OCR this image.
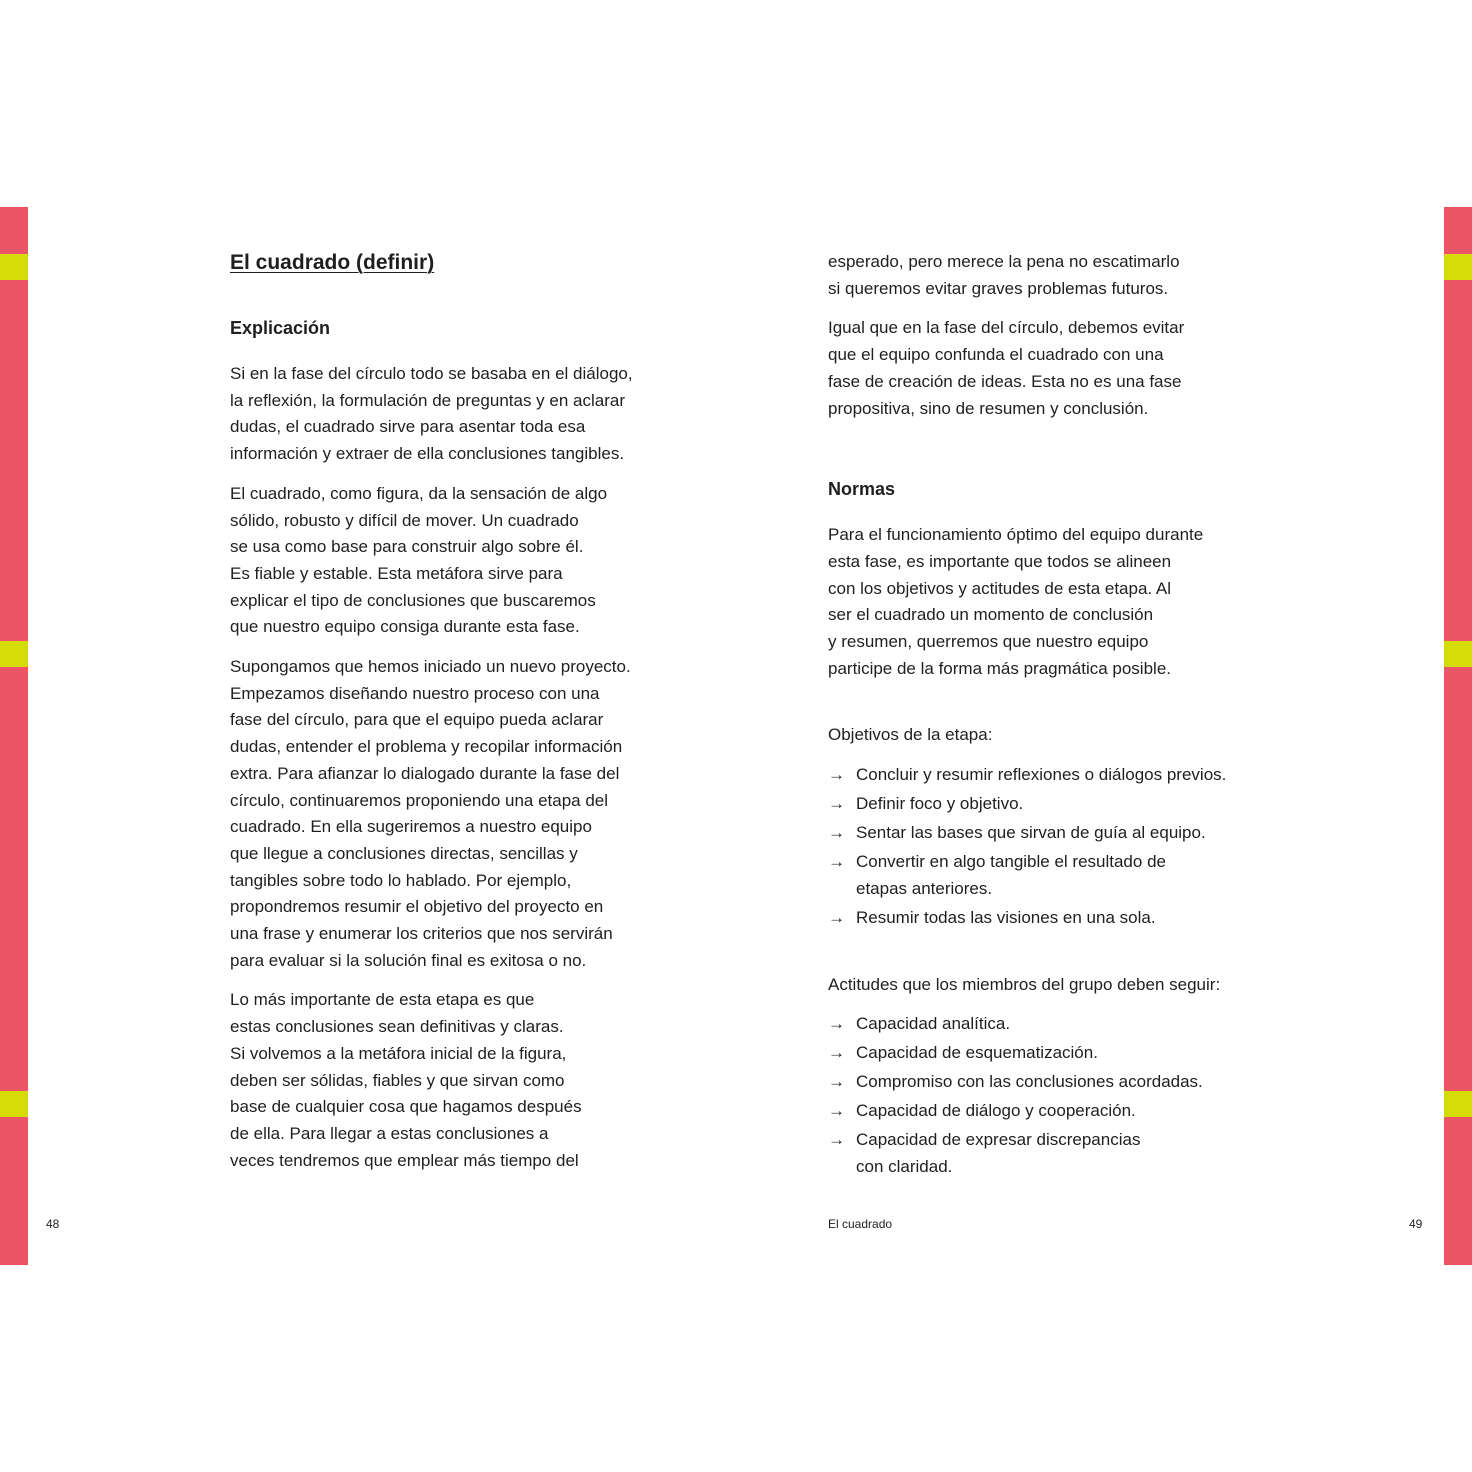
El cuadrado (definir)
Explicación

Si en la fase del círculo todo se basaba en el diálogo,
la reflexión, la formulación de preguntas y en aclarar
dudas, el cuadrado sirve para asentar toda esa
información y extraer de ella conclusiones tangibles.

El cuadrado, como figura, da la sensación de algo
sólido, robusto y difícil de mover. Un cuadrado
se usa como base para construir algo sobre él.
Es fiable y estable. Esta metáfora sirve para
explicar el tipo de conclusiones que buscaremos
que nuestro equipo consiga durante esta fase.

Supongamos que hemos iniciado un nuevo proyecto.
Empezamos diseñando nuestro proceso con una
fase del círculo, para que el equipo pueda aclarar
dudas, entender el problema y recopilar información
extra. Para afianzar lo dialogado durante la fase del
círculo, continuaremos proponiendo una etapa del
cuadrado. En ella sugeriremos a nuestro equipo
que llegue a conclusiones directas, sencillas y
tangibles sobre todo lo hablado. Por ejemplo,
propondremos resumir el objetivo del proyecto en
una frase y enumerar los criterios que nos servirán
para evaluar si la solución final es exitosa o no.

Lo más importante de esta etapa es que
estas conclusiones sean definitivas y claras.
Si volvemos a la metáfora inicial de la figura,
deben ser sólidas, fiables y que sirvan como
base de cualquier cosa que hagamos después
de ella. Para llegar a estas conclusiones a
veces tendremos que emplear más tiempo del

esperado, pero merece la pena no escatimarlo
si queremos evitar graves problemas futuros.

Igual que en la fase del círculo, debemos evitar
que el equipo confunda el cuadrado con una
fase de creación de ideas. Esta no es una fase
propositiva, sino de resumen y conclusión.

Normas

Para el funcionamiento óptimo del equipo durante
esta fase, es importante que todos se alineen
con los objetivos y actitudes de esta etapa. Al
ser el cuadrado un momento de conclusión
y resumen, querremos que nuestro equipo
participe de la forma más pragmática posible.

Objetivos de la etapa:

→ Concluir y resumir reflexiones o diálogos previos.
→ Definir foco y objetivo.
→ Sentar las bases que sirvan de guía al equipo.
→ Convertir en algo tangible el resultado de
etapas anteriores.
→ Resumir todas las visiones en una sola.

Actitudes que los miembros del grupo deben seguir:

→ Capacidad analítica.
→ Capacidad de esquematización.
→ Compromiso con las conclusiones acordadas.
→ Capacidad de diálogo y cooperación.
→ Capacidad de expresar discrepancias
con claridad.
48	El cuadrado	49
